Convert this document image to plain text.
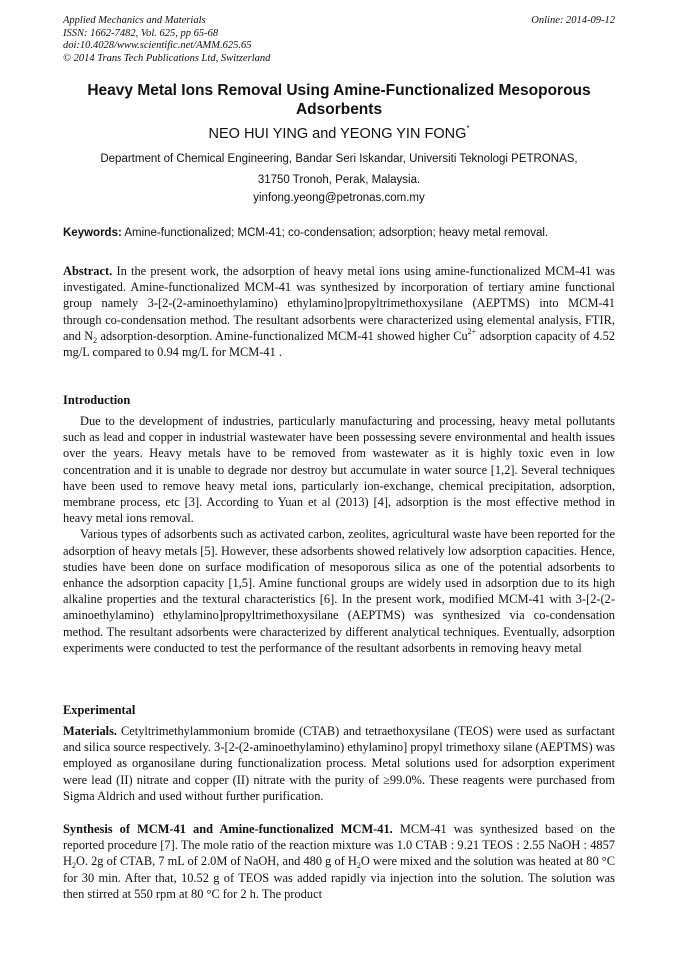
Applied Mechanics and Materials
ISSN: 1662-7482, Vol. 625, pp 65-68
doi:10.4028/www.scientific.net/AMM.625.65
© 2014 Trans Tech Publications Ltd, Switzerland
Online: 2014-09-12
Heavy Metal Ions Removal Using Amine-Functionalized Mesoporous Adsorbents
NEO HUI YING and YEONG YIN FONG*
Department of Chemical Engineering, Bandar Seri Iskandar, Universiti Teknologi PETRONAS,
31750 Tronoh, Perak, Malaysia.
yinfong.yeong@petronas.com.my
Keywords: Amine-functionalized; MCM-41; co-condensation; adsorption; heavy metal removal.

Abstract. In the present work, the adsorption of heavy metal ions using amine-functionalized MCM-41 was investigated. Amine-functionalized MCM-41 was synthesized by incorporation of tertiary amine functional group namely 3-[2-(2-aminoethylamino) ethylamino]propyltrimethoxysilane (AEPTMS) into MCM-41 through co-condensation method. The resultant adsorbents were characterized using elemental analysis, FTIR, and $N_2$ adsorption-desorption. Amine-functionalized MCM-41 showed higher $Cu^{2+}$ adsorption capacity of 4.52 mg/L compared to 0.94 mg/L for MCM-41 .

Introduction

Due to the development of industries, particularly manufacturing and processing, heavy metal pollutants such as lead and copper in industrial wastewater have been possessing severe environmental and health issues over the years. Heavy metals have to be removed from wastewater as it is highly toxic even in low concentration and it is unable to degrade nor destroy but accumulate in water source [1,2]. Several techniques have been used to remove heavy metal ions, particularly ion-exchange, chemical precipitation, adsorption, membrane process, etc [3]. According to Yuan et al (2013) [4], adsorption is the most effective method in heavy metal ions removal.

Various types of adsorbents such as activated carbon, zeolites, agricultural waste have been reported for the adsorption of heavy metals [5]. However, these adsorbents showed relatively low adsorption capacities. Hence, studies have been done on surface modification of mesoporous silica as one of the potential adsorbents to enhance the adsorption capacity [1,5]. Amine functional groups are widely used in adsorption due to its high alkaline properties and the textural characteristics [6]. In the present work, modified MCM-41 with 3-[2-(2-aminoethylamino) ethylamino]propyltrimethoxysilane (AEPTMS) was synthesized via co-condensation method. The resultant adsorbents were characterized by different analytical techniques. Eventually, adsorption experiments were conducted to test the performance of the resultant adsorbents in removing heavy metal

Experimental

Materials. Cetyltrimethylammonium bromide (CTAB) and tetraethoxysilane (TEOS) were used as surfactant and silica source respectively. 3-[2-(2-aminoethylamino) ethylamino] propyl trimethoxy silane (AEPTMS) was employed as organosilane during functionalization process. Metal solutions used for adsorption experiment were lead (II) nitrate and copper (II) nitrate with the purity of ≥99.0%. These reagents were purchased from Sigma Aldrich and used without further purification.

Synthesis of MCM-41 and Amine-functionalized MCM-41. MCM-41 was synthesized based on the reported procedure [7]. The mole ratio of the reaction mixture was 1.0 CTAB : 9.21 TEOS : 2.55 NaOH : 4857 $H_2O$. 2g of CTAB, 7 mL of 2.0M of NaOH, and 480 g of $H_2O$ were mixed and the solution was heated at 80 °C for 30 min. After that, 10.52 g of TEOS was added rapidly via injection into the solution. The solution was then stirred at 550 rpm at 80 °C for 2 h. The product
